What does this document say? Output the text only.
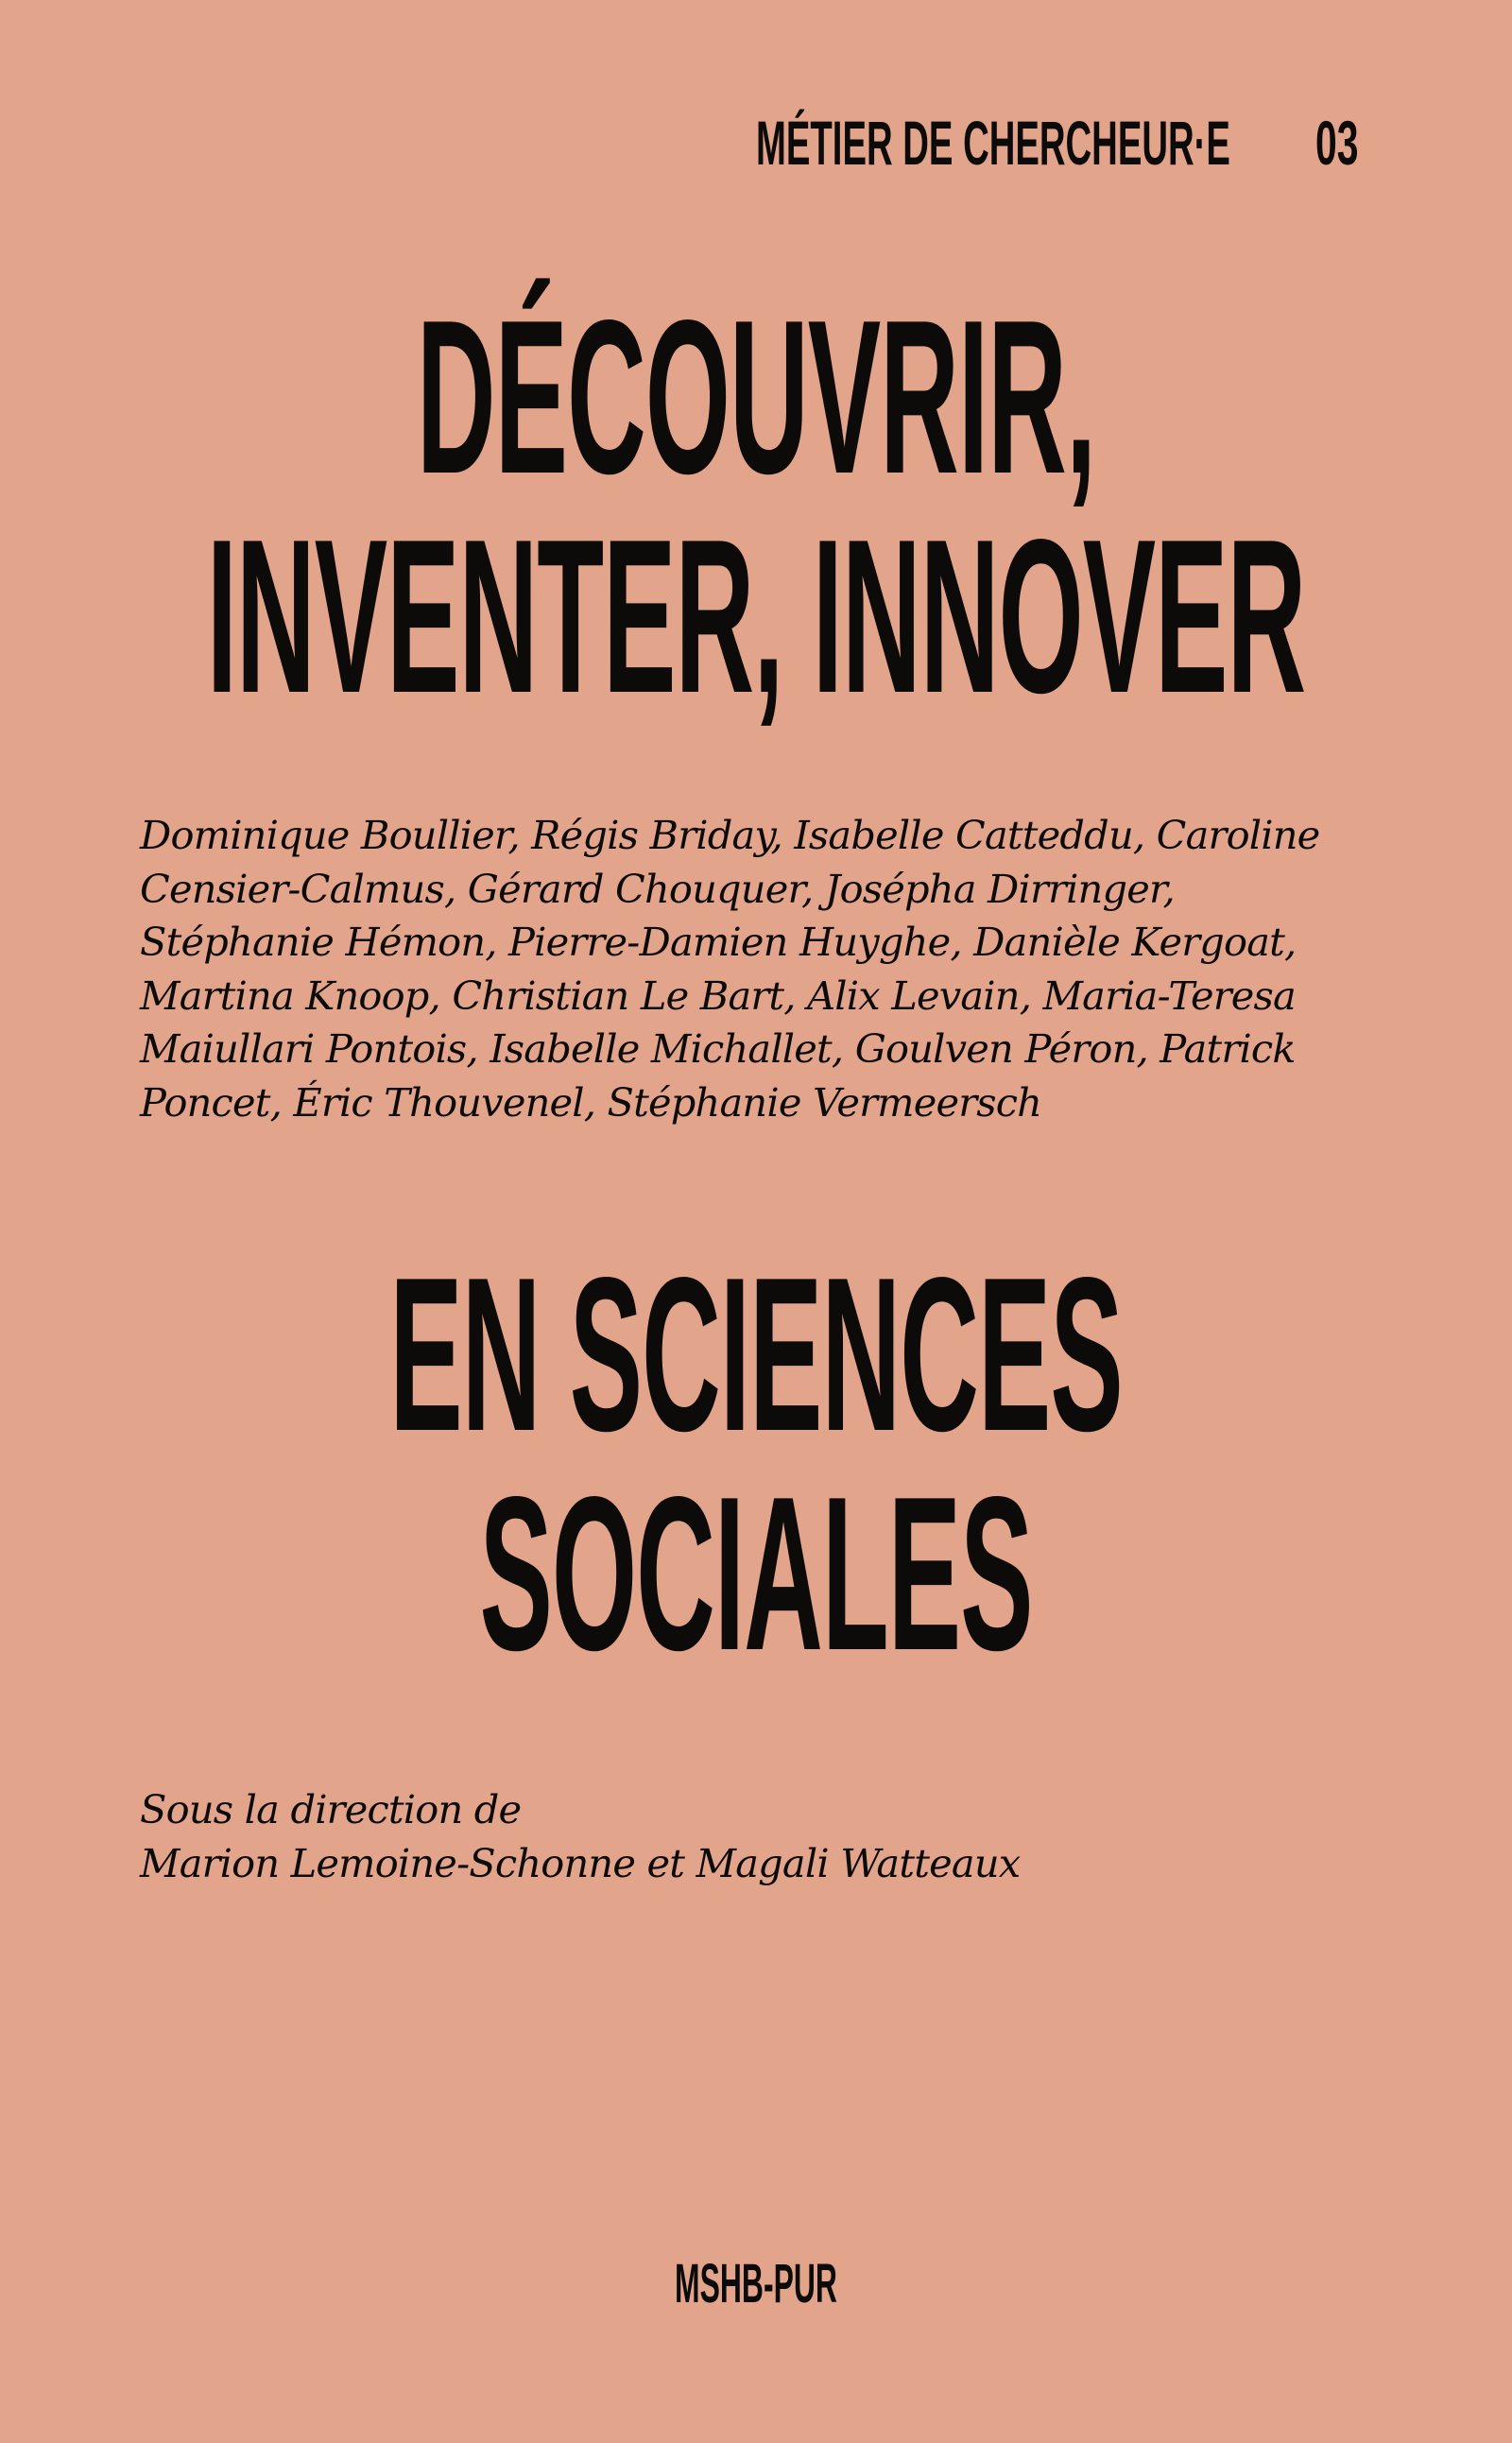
MÉTIER DE CHERCHEUR·E 03
DÉCOUVRIR,
INVENTER, INNOVER
Dominique Boullier, Régis Briday, Isabelle Catteddu, Caroline
Censier-Calmus, Gérard Chouquer, Josépha Dirringer,
Stéphanie Hémon, Pierre-Damien Huyghe, Danièle Kergoat,
Martina Knoop, Christian Le Bart, Alix Levain, Maria-Teresa
Maiullari Pontois, Isabelle Michallet, Goulven Péron, Patrick
Poncet, Éric Thouvenel, Stéphanie Vermeersch
EN SCIENCES
SOCIALES
Sous la direction de
Marion Lemoine-Schonne et Magali Watteaux
MSHB-PUR
